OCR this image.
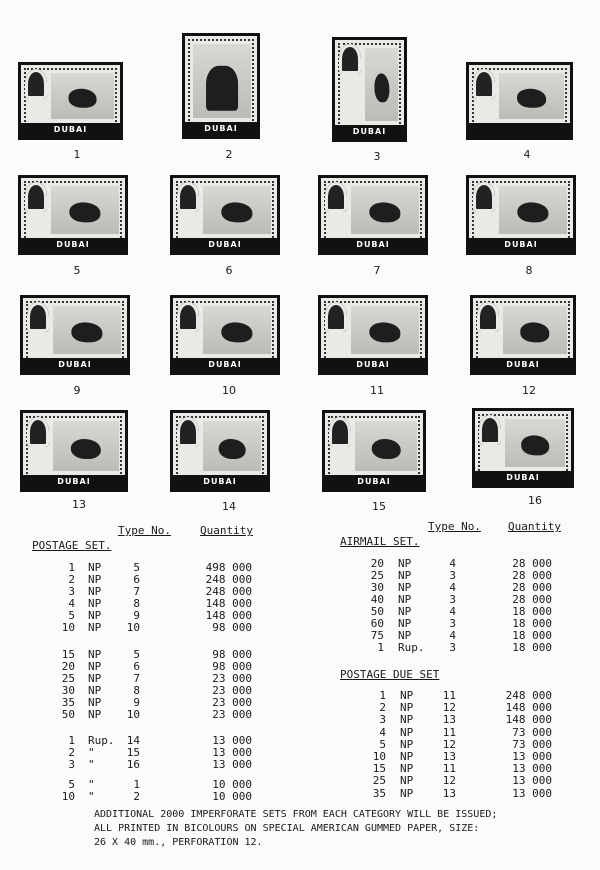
DUBAI
1
DUBAI
2
DUBAI
3	4
DUBAI
5
DUBAI
6
DUBAI
7
DUBAI
8
DUBAI
9
DUBAI
10
DUBAI
11
DUBAI
12
DUBAI
13
DUBAI
14
DUBAI
15
DUBAI
16
Type No.	Quantity
POSTAGE SET.
1 NP	5	498 000
2 NP	6	248 000
3 NP	7	248 000
4 NP	8	148 000
5 NP	9	148 000
10 NP 10	98 000
15 NP	5	98 000
20 NP	6	98 000
25 NP	7	23 000
30 NP	8	23 000
35 NP	9	23 000
50 NP 10	23 000
1 Rup. 14	13 000
2 "	15	13 000
3 "	16	13 000
5 "	1	10 000
10 "	2	10 000
Type No. Quantity
AIRMAIL SET.
20 NP	4	28 000
25 NP	3	28 000
30 NP	4	28 000
40 NP	3	28 000
50 NP	4	18 000
60 NP	3	18 000
75 NP	4	18 000
1 Rup. 3	18 000
POSTAGE DUE SET
1 NP	11	248 000
2 NP	12	148 000
3 NP	13	148 000
4 NP	11	73 000
5 NP	12	73 000
10 NP	13	13 000
15 NP	11	13 000
25 NP	12	13 000
35 NP	13	13 000
ADDITIONAL 2000 IMPERFORATE SETS FROM EACH CATEGORY WILL BE ISSUED;
ALL PRINTED IN BICOLOURS ON SPECIAL AMERICAN GUMMED PAPER, SIZE:
26 X 40 mm., PERFORATION 12.
